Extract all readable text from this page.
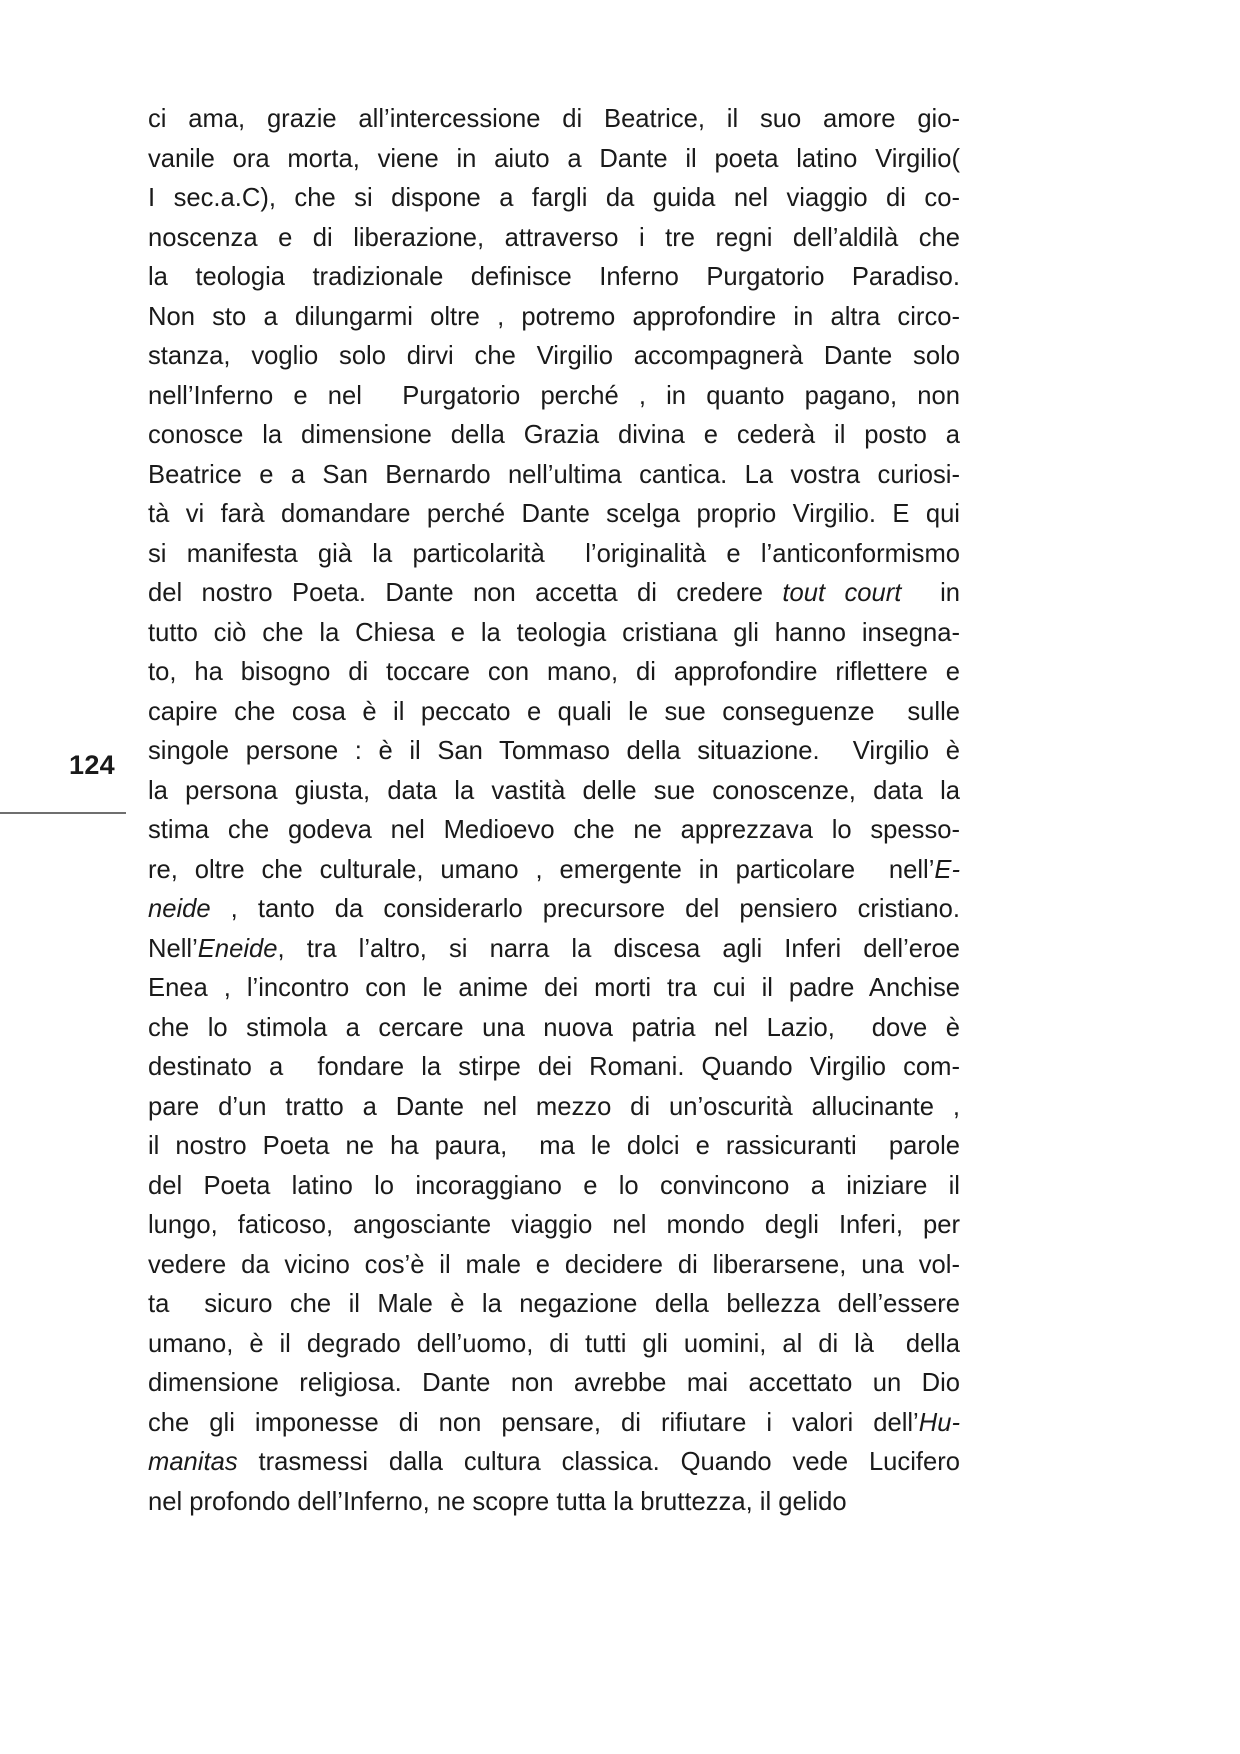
124
ci ama, grazie all’intercessione di Beatrice, il suo amore gio-
vanile ora morta, viene in aiuto a Dante il poeta latino Virgilio(
I sec.a.C), che si dispone a fargli da guida nel viaggio di co-
noscenza e di liberazione, attraverso i tre regni dell’aldilà che
la teologia tradizionale definisce Inferno Purgatorio Paradiso.
Non sto a dilungarmi oltre , potremo approfondire in altra circo-
stanza, voglio solo dirvi che Virgilio accompagnerà Dante solo
nell’Inferno e nel  Purgatorio perché , in quanto pagano, non
conosce la dimensione della Grazia divina e cederà il posto a
Beatrice e a San Bernardo nell’ultima cantica. La vostra curiosi-
tà vi farà domandare perché Dante scelga proprio Virgilio. E qui
si manifesta già la particolarità  l’originalità e l’anticonformismo
del nostro Poeta. Dante non accetta di credere tout court  in
tutto ciò che la Chiesa e la teologia cristiana gli hanno insegna-
to, ha bisogno di toccare con mano, di approfondire riflettere e
capire che cosa è il peccato e quali le sue conseguenze  sulle
singole persone : è il San Tommaso della situazione.  Virgilio è
la persona giusta, data la vastità delle sue conoscenze, data la
stima che godeva nel Medioevo che ne apprezzava lo spesso-
re, oltre che culturale, umano , emergente in particolare  nell’E-
neide , tanto da considerarlo precursore del pensiero cristiano.
Nell’Eneide, tra l’altro, si narra la discesa agli Inferi dell’eroe
Enea , l’incontro con le anime dei morti tra cui il padre Anchise
che lo stimola a cercare una nuova patria nel Lazio,  dove è
destinato a  fondare la stirpe dei Romani. Quando Virgilio com-
pare d’un tratto a Dante nel mezzo di un’oscurità allucinante ,
il nostro Poeta ne ha paura,  ma le dolci e rassicuranti  parole
del Poeta latino lo incoraggiano e lo convincono a iniziare il
lungo, faticoso, angosciante viaggio nel mondo degli Inferi, per
vedere da vicino cos’è il male e decidere di liberarsene, una vol-
ta  sicuro che il Male è la negazione della bellezza dell’essere
umano, è il degrado dell’uomo, di tutti gli uomini, al di là  della
dimensione religiosa. Dante non avrebbe mai accettato un Dio
che gli imponesse di non pensare, di rifiutare i valori dell’Hu-
manitas trasmessi dalla cultura classica. Quando vede Lucifero
nel profondo dell’Inferno, ne scopre tutta la bruttezza, il gelido
